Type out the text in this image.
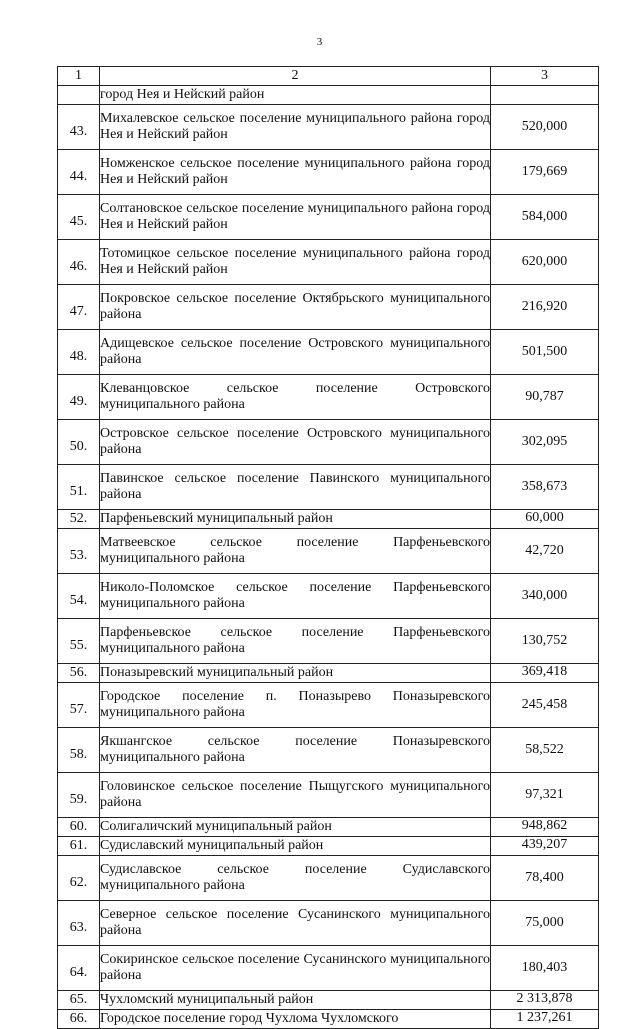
3
1	2	3
	город Нея и Нейский район	
43.	Михалевское сельское поселение муниципального района город Нея и Нейский район	520,000
44.	Номженское сельское поселение муниципального района город Нея и Нейский район	179,669
45.	Солтановское сельское поселение муниципального района город Нея и Нейский район	584,000
46.	Тотомицкое сельское поселение муниципального района город Нея и Нейский район	620,000
47.	Покровское сельское поселение Октябрьского муниципального района	216,920
48.	Адищевское сельское поселение Островского муниципального района	501,500
49.	Клеванцовское сельское поселение Островского муниципального района	90,787
50.	Островское сельское поселение Островского муниципального района	302,095
51.	Павинское сельское поселение Павинского муниципального района	358,673
52.	Парфеньевский муниципальный район	60,000
53.	Матвеевское сельское поселение Парфеньевского муниципального района	42,720
54.	Николо-Поломское сельское поселение Парфеньевского муниципального района	340,000
55.	Парфеньевское сельское поселение Парфеньевского муниципального района	130,752
56.	Поназыревский муниципальный район	369,418
57.	Городское поселение п. Поназырево Поназыревского муниципального района	245,458
58.	Якшангское сельское поселение Поназыревского муниципального района	58,522
59.	Головинское сельское поселение Пыщугского муниципального района	97,321
60.	Солигаличский муниципальный район	948,862
61.	Судиславский муниципальный район	439,207
62.	Судиславское сельское поселение Судиславского муниципального района	78,400
63.	Северное сельское поселение Сусанинского муниципального района	75,000
64.	Сокиринское сельское поселение Сусанинского муниципального района	180,403
65.	Чухломский муниципальный район	2 313,878
66.	Городское поселение город Чухлома Чухломского	1 237,261
